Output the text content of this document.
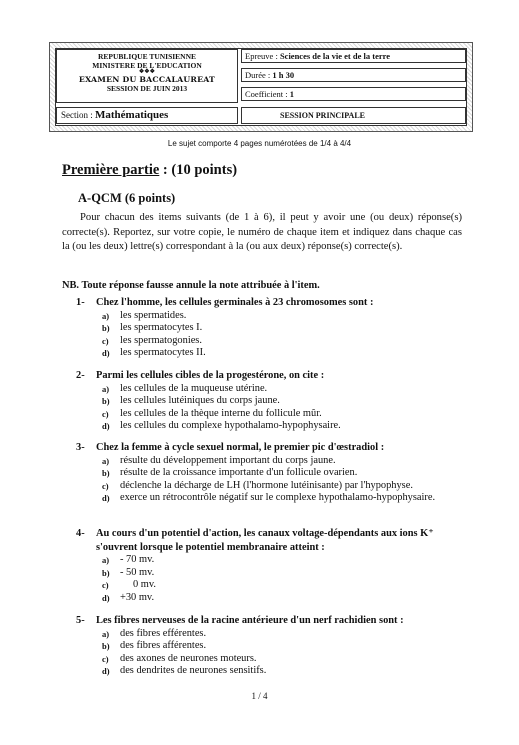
REPUBLIQUE TUNISIENNE
MINISTERE DE L'EDUCATION
❖❖❖
EXAMEN DU BACCALAUREAT
SESSION DE JUIN 2013
Epreuve : Sciences de la vie et de la terre
Durée : 1 h 30
Coefficient : 1
Section : Mathématiques	SESSION PRINCIPALE
Le sujet comporte 4 pages numérotées de 1/4 à 4/4
Première partie : (10 points)
A-QCM (6 points)
Pour chacun des items suivants (de 1 à 6), il peut y avoir une (ou deux) réponse(s) correcte(s). Reportez, sur votre copie, le numéro de chaque item et indiquez dans chaque cas la (ou les deux) lettre(s) correspondant à la (ou aux deux) réponse(s) correcte(s).
NB. Toute réponse fausse annule la note attribuée à l'item.
1-	Chez l'homme, les cellules germinales à 23 chromosomes sont :
a)	les spermatides.
b)	les spermatocytes I.
c)	les spermatogonies.
d)	les spermatocytes II.
2-	Parmi les cellules cibles de la progestérone, on cite :
a)	les cellules de la muqueuse utérine.
b)	les cellules lutéiniques du corps jaune.
c)	les cellules de la thèque interne du follicule mûr.
d)	les cellules du complexe hypothalamo-hypophysaire.
3-	Chez la femme à cycle sexuel normal, le premier pic d'œstradiol :
a)	résulte du développement important du corps jaune.
b)	résulte de la croissance importante d'un follicule ovarien.
c)	déclenche la décharge de LH (l'hormone lutéinisante) par l'hypophyse.
d)	exerce un rétrocontrôle négatif sur le complexe hypothalamo-hypophysaire.
4-	Au cours d'un potentiel d'action, les canaux voltage-dépendants aux ions K⁺ s'ouvrent lorsque le potentiel membranaire atteint :
a)	- 70 mv.
b)	- 50 mv.
c)	0 mv.
d)	+30 mv.
5-	Les fibres nerveuses de la racine antérieure d'un nerf rachidien sont :
a)	des fibres efférentes.
b)	des fibres afférentes.
c)	des axones de neurones moteurs.
d)	des dendrites de neurones sensitifs.
1 / 4
